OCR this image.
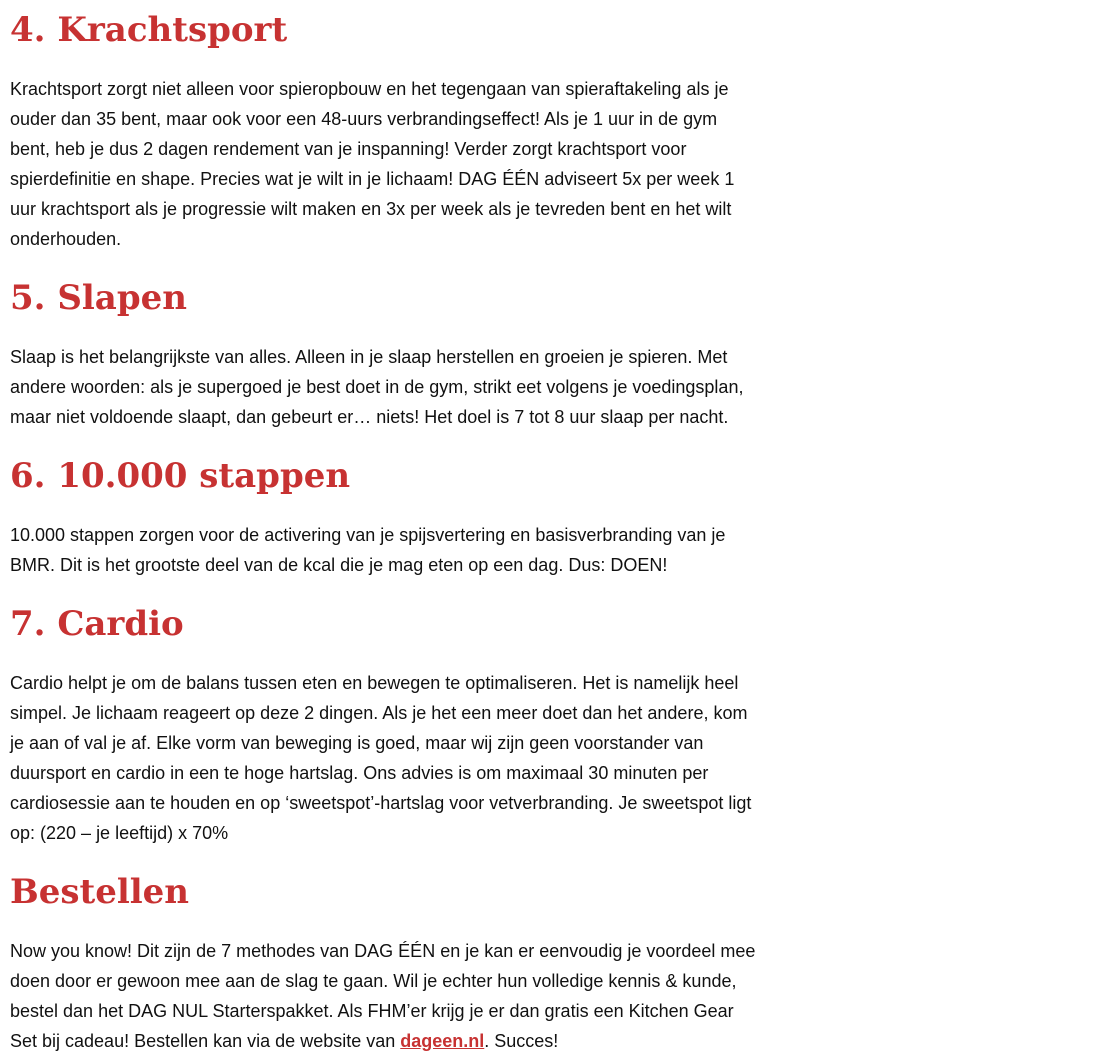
4. Krachtsport

Krachtsport zorgt niet alleen voor spieropbouw en het tegengaan van spieraftakeling als je ouder dan 35 bent, maar ook voor een 48-uurs verbrandingseffect! Als je 1 uur in de gym bent, heb je dus 2 dagen rendement van je inspanning! Verder zorgt krachtsport voor spierdefinitie en shape. Precies wat je wilt in je lichaam! DAG ÉÉN adviseert 5x per week 1 uur krachtsport als je progressie wilt maken en 3x per week als je tevreden bent en het wilt onderhouden.

5. Slapen

Slaap is het belangrijkste van alles. Alleen in je slaap herstellen en groeien je spieren. Met andere woorden: als je supergoed je best doet in de gym, strikt eet volgens je voedingsplan, maar niet voldoende slaapt, dan gebeurt er… niets! Het doel is 7 tot 8 uur slaap per nacht.

6. 10.000 stappen

10.000 stappen zorgen voor de activering van je spijsvertering en basisverbranding van je BMR. Dit is het grootste deel van de kcal die je mag eten op een dag. Dus: DOEN!

7. Cardio

Cardio helpt je om de balans tussen eten en bewegen te optimaliseren. Het is namelijk heel simpel. Je lichaam reageert op deze 2 dingen. Als je het een meer doet dan het andere, kom je aan of val je af. Elke vorm van beweging is goed, maar wij zijn geen voorstander van duursport en cardio in een te hoge hartslag. Ons advies is om maximaal 30 minuten per cardiosessie aan te houden en op ‘sweetspot’-hartslag voor vetverbranding. Je sweetspot ligt op: (220 – je leeftijd) x 70%

Bestellen

Now you know! Dit zijn de 7 methodes van DAG ÉÉN en je kan er eenvoudig je voordeel mee doen door er gewoon mee aan de slag te gaan. Wil je echter hun volledige kennis & kunde, bestel dan het DAG NUL Starterspakket. Als FHM’er krijg je er dan gratis een Kitchen Gear Set bij cadeau! Bestellen kan via de website van dageen.nl. Succes!
